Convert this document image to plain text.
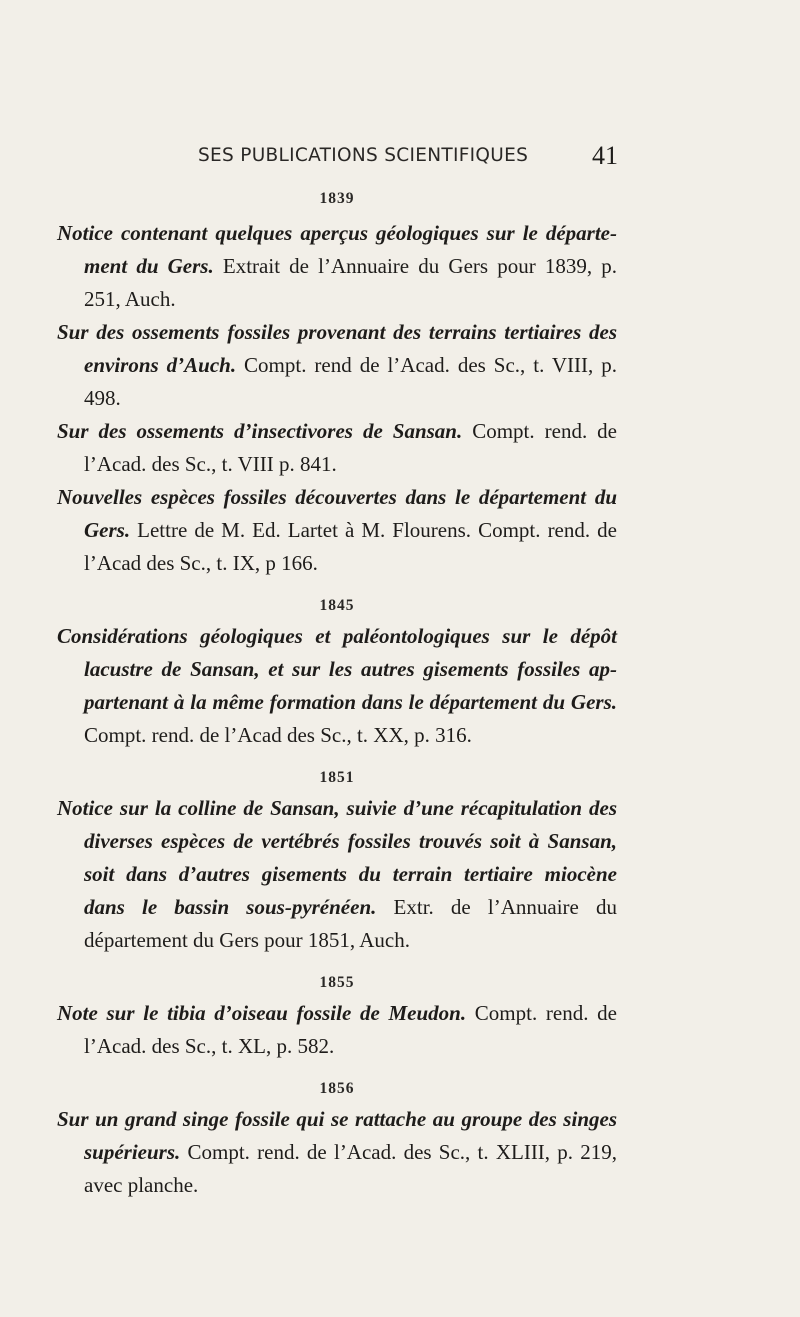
SES PUBLICATIONS SCIENTIFIQUES 41

1839

Notice contenant quelques aperçus géologiques sur le départe- ment du Gers. Extrait de l’Annuaire du Gers pour 1839, p. 251, Auch.

Sur des ossements fossiles provenant des terrains tertiaires des environs d’Auch. Compt. rend de l’Acad. des Sc., t. VIII, p. 498.

Sur des ossements d’insectivores de Sansan. Compt. rend. de l’Acad. des Sc., t. VIII p. 841.

Nouvelles espèces fossiles découvertes dans le département du Gers. Lettre de M. Ed. Lartet à M. Flourens. Compt. rend. de l’Acad des Sc., t. IX, p 166.

1845

Considérations géologiques et paléontologiques sur le dépôt lacustre de Sansan, et sur les autres gisements fossiles ap- partenant à la même formation dans le département du Gers. Compt. rend. de l’Acad des Sc., t. XX, p. 316.

1851

Notice sur la colline de Sansan, suivie d’une récapitulation des diverses espèces de vertébrés fossiles trouvés soit à Sansan, soit dans d’autres gisements du terrain tertiaire miocène dans le bassin sous-pyrénéen. Extr. de l’Annuaire du département du Gers pour 1851, Auch.

1855

Note sur le tibia d’oiseau fossile de Meudon. Compt. rend. de l’Acad. des Sc., t. XL, p. 582.

1856

Sur un grand singe fossile qui se rattache au groupe des singes supérieurs. Compt. rend. de l’Acad. des Sc., t. XLIII, p. 219, avec planche.
